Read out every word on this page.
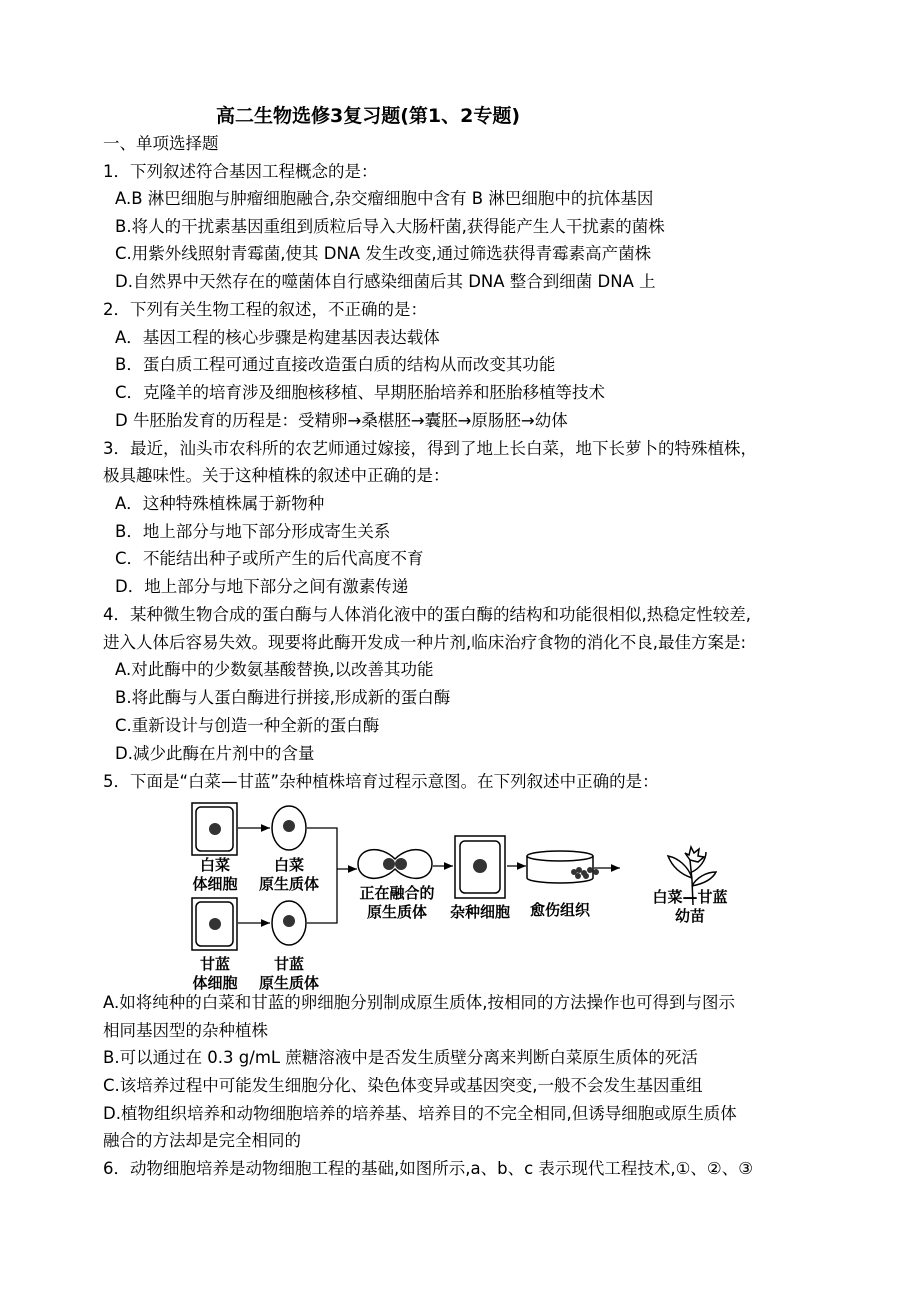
高二生物选修3复习题(第1、2专题)
一、单项选择题
1．下列叙述符合基因工程概念的是：
A.B 淋巴细胞与肿瘤细胞融合,杂交瘤细胞中含有 B 淋巴细胞中的抗体基因
B.将人的干扰素基因重组到质粒后导入大肠杆菌,获得能产生人干扰素的菌株
C.用紫外线照射青霉菌,使其 DNA 发生改变,通过筛选获得青霉素高产菌株
D.自然界中天然存在的噬菌体自行感染细菌后其 DNA 整合到细菌 DNA 上
2．下列有关生物工程的叙述，不正确的是：
A．基因工程的核心步骤是构建基因表达载体
B．蛋白质工程可通过直接改造蛋白质的结构从而改变其功能
C．克隆羊的培育涉及细胞核移植、早期胚胎培养和胚胎移植等技术
D 牛胚胎发育的历程是：受精卵→桑椹胚→囊胚→原肠胚→幼体
3．最近，汕头市农科所的农艺师通过嫁接，得到了地上长白菜，地下长萝卜的特殊植株，
极具趣味性。关于这种植株的叙述中正确的是：
A．这种特殊植株属于新物种
B．地上部分与地下部分形成寄生关系
C．不能结出种子或所产生的后代高度不育
D．地上部分与地下部分之间有激素传递
4．某种微生物合成的蛋白酶与人体消化液中的蛋白酶的结构和功能很相似,热稳定性较差,
进入人体后容易失效。现要将此酶开发成一种片剂,临床治疗食物的消化不良,最佳方案是:
A.对此酶中的少数氨基酸替换,以改善其功能
B.将此酶与人蛋白酶进行拼接,形成新的蛋白酶
C.重新设计与创造一种全新的蛋白酶
D.减少此酶在片剂中的含量
5．下面是“白菜—甘蓝”杂种植株培育过程示意图。在下列叙述中正确的是：
白菜
体细胞
白菜
原生质体
甘蓝
体细胞
甘蓝
原生质体
正在融合的
原生质体	杂种细胞	愈伤组织
白菜—甘蓝
幼苗
A.如将纯种的白菜和甘蓝的卵细胞分别制成原生质体,按相同的方法操作也可得到与图示
相同基因型的杂种植株
B.可以通过在 0.3 g/mL 蔗糖溶液中是否发生质壁分离来判断白菜原生质体的死活
C.该培养过程中可能发生细胞分化、染色体变异或基因突变,一般不会发生基因重组
D.植物组织培养和动物细胞培养的培养基、培养目的不完全相同,但诱导细胞或原生质体
融合的方法却是完全相同的
6．动物细胞培养是动物细胞工程的基础,如图所示,a、b、c 表示现代工程技术,①、②、③
